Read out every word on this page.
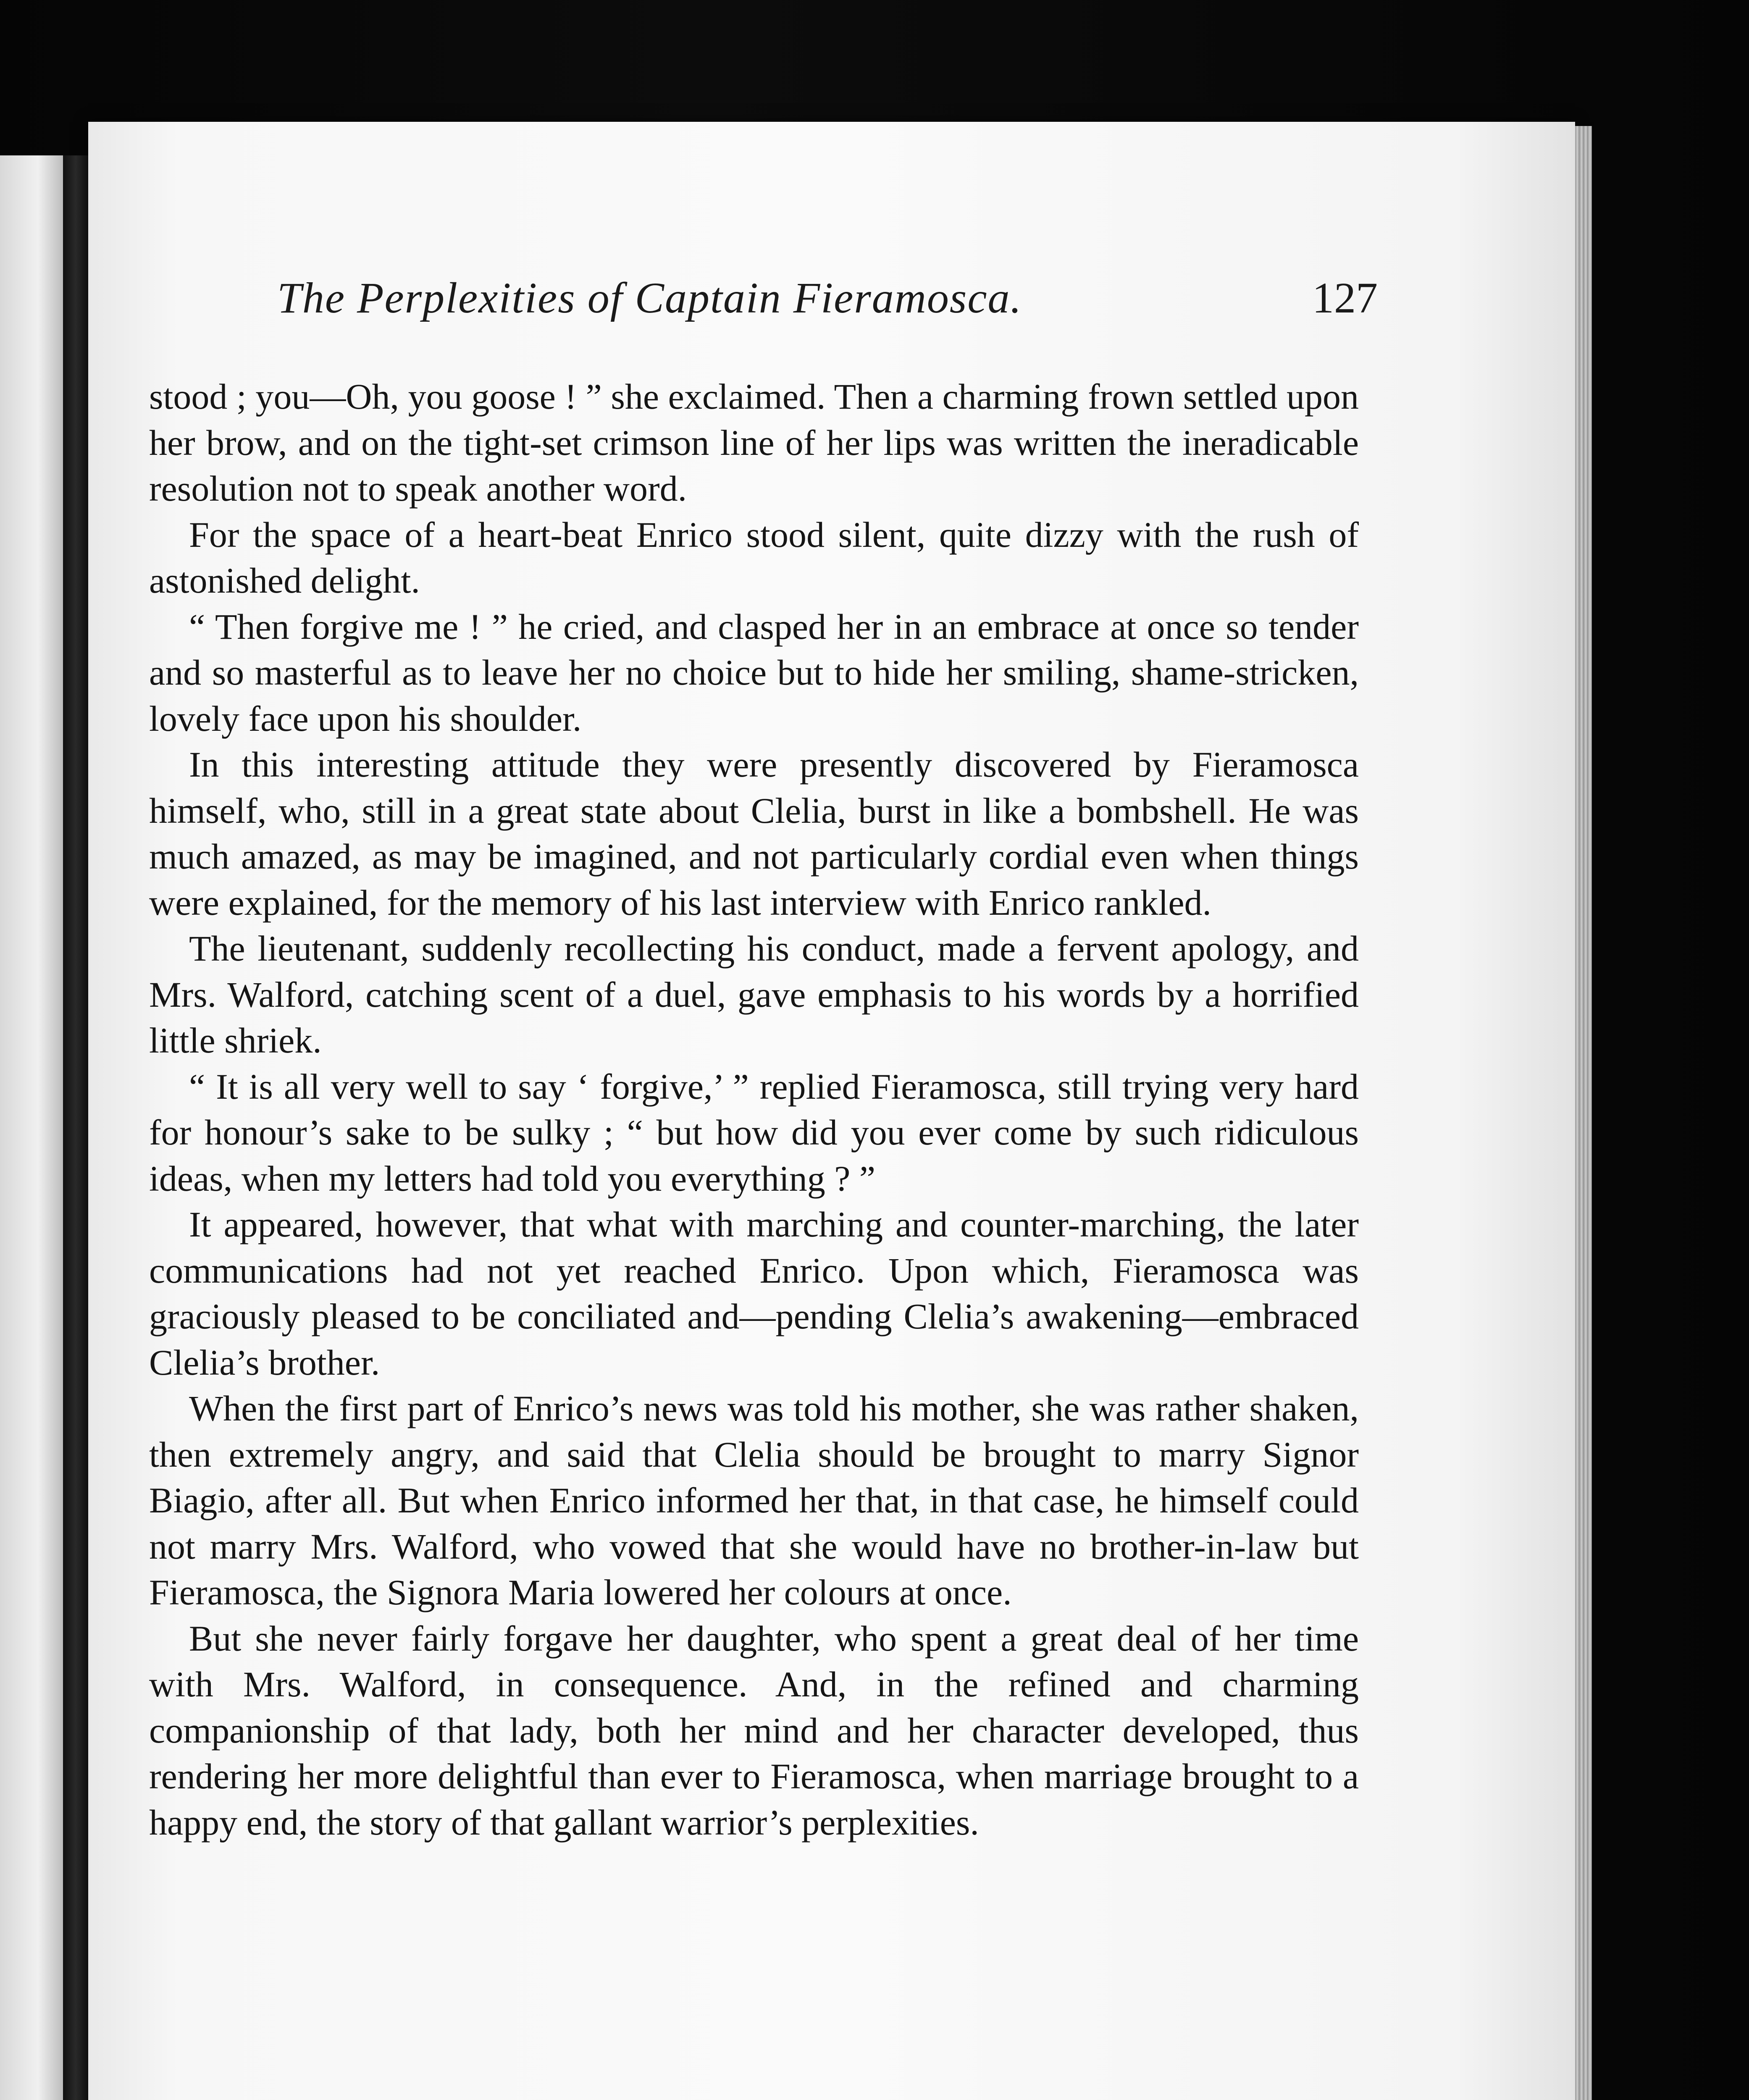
The Perplexities of Captain Fieramosca.	127

stood ; you—Oh, you goose ! ” she exclaimed. Then a charming frown settled upon her brow, and on the tight-set crimson line of her lips was written the ineradicable resolution not to speak another word.

For the space of a heart-beat Enrico stood silent, quite dizzy with the rush of astonished delight.

“ Then forgive me ! ” he cried, and clasped her in an embrace at once so tender and so masterful as to leave her no choice but to hide her smiling, shame-stricken, lovely face upon his shoulder.

In this interesting attitude they were presently discovered by Fieramosca himself, who, still in a great state about Clelia, burst in like a bombshell. He was much amazed, as may be imagined, and not particularly cordial even when things were explained, for the memory of his last interview with Enrico rankled.

The lieutenant, suddenly recollecting his conduct, made a fervent apology, and Mrs. Walford, catching scent of a duel, gave emphasis to his words by a horrified little shriek.

“ It is all very well to say ‘ forgive,’ ” replied Fieramosca, still trying very hard for honour’s sake to be sulky ; “ but how did you ever come by such ridiculous ideas, when my letters had told you everything ? ”

It appeared, however, that what with marching and counter-marching, the later communications had not yet reached Enrico. Upon which, Fieramosca was graciously pleased to be conciliated and—pending Clelia’s awakening—embraced Clelia’s brother.

When the first part of Enrico’s news was told his mother, she was rather shaken, then extremely angry, and said that Clelia should be brought to marry Signor Biagio, after all. But when Enrico informed her that, in that case, he himself could not marry Mrs. Walford, who vowed that she would have no brother-in-law but Fieramosca, the Signora Maria lowered her colours at once.

But she never fairly forgave her daughter, who spent a great deal of her time with Mrs. Walford, in consequence. And, in the refined and charming companionship of that lady, both her mind and her character developed, thus rendering her more delightful than ever to Fieramosca, when marriage brought to a happy end, the story of that gallant warrior’s perplexities.
